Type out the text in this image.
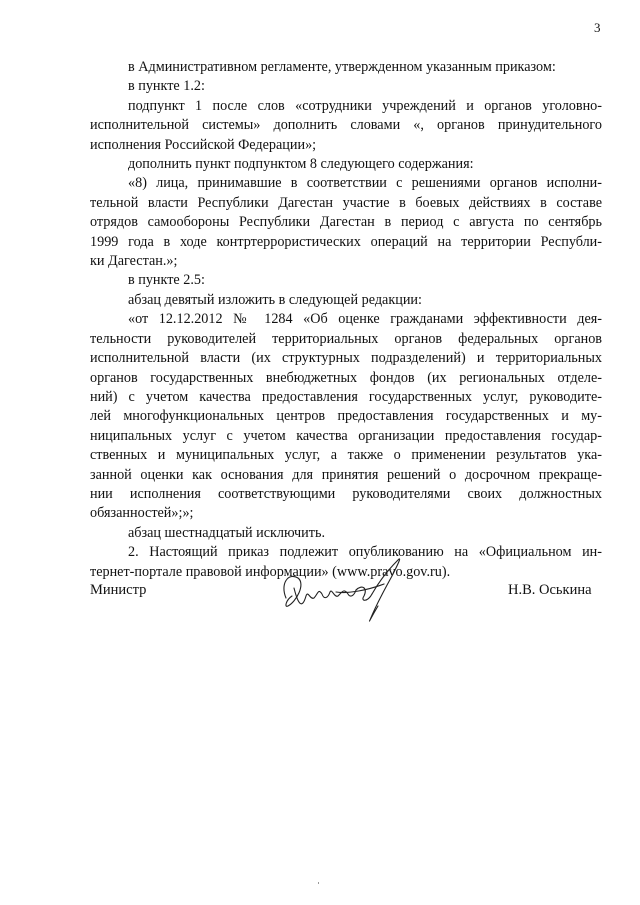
3
в Административном регламенте, утвержденном указанным приказом:
в пункте 1.2:
подпункт 1 после слов «сотрудники учреждений и органов уголовно-
исполнительной системы» дополнить словами «, органов принудительного
исполнения Российской Федерации»;
дополнить пункт подпунктом 8 следующего содержания:
«8) лица, принимавшие в соответствии с решениями органов исполни-
тельной власти Республики Дагестан участие в боевых действиях в составе
отрядов самообороны Республики Дагестан в период с августа по сентябрь
1999 года в ходе контртеррористических операций на территории Республи-
ки Дагестан.»;
в пункте 2.5:
абзац девятый изложить в следующей редакции:
«от 12.12.2012 № 1284 «Об оценке гражданами эффективности дея-
тельности руководителей территориальных органов федеральных органов
исполнительной власти (их структурных подразделений) и территориальных
органов государственных внебюджетных фондов (их региональных отделе-
ний) с учетом качества предоставления государственных услуг, руководите-
лей многофункциональных центров предоставления государственных и му-
ниципальных услуг с учетом качества организации предоставления государ-
ственных и муниципальных услуг, а также о применении результатов ука-
занной оценки как основания для принятия решений о досрочном прекраще-
нии исполнения соответствующими руководителями своих должностных
обязанностей»;»;
абзац шестнадцатый исключить.
2. Настоящий приказ подлежит опубликованию на «Официальном ин-
тернет-портале правовой информации» (www.pravo.gov.ru).
Министр	Н.В. Оськина
